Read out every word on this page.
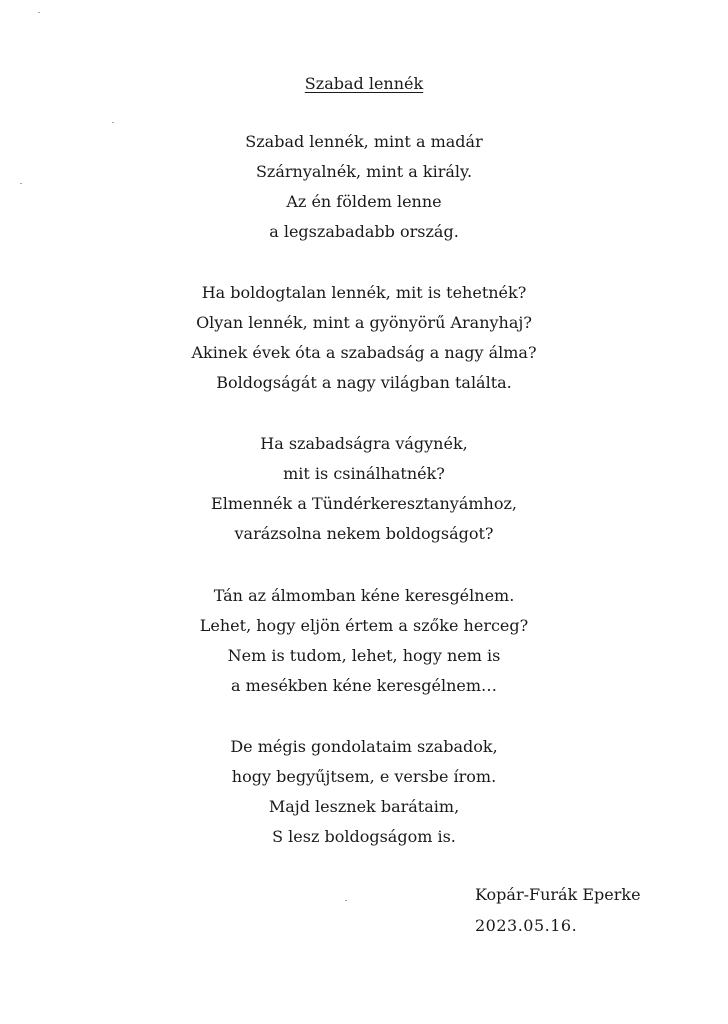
Szabad lennék
Szabad lennék, mint a madár
Szárnyalnék, mint a király.
Az én földem lenne
a legszabadabb ország.
Ha boldogtalan lennék, mit is tehetnék?
Olyan lennék, mint a gyönyörű Aranyhaj?
Akinek évek óta a szabadság a nagy álma?
Boldogságát a nagy világban találta.
Ha szabadságra vágynék,
mit is csinálhatnék?
Elmennék a Tündérkeresztanyámhoz,
varázsolna nekem boldogságot?
Tán az álmomban kéne keresgélnem.
Lehet, hogy eljön értem a szőke herceg?
Nem is tudom, lehet, hogy nem is
a mesékben kéne keresgélnem…
De mégis gondolataim szabadok,
hogy begyűjtsem, e versbe írom.
Majd lesznek barátaim,
S lesz boldogságom is.
Kopár-Furák Eperke
2023.05.16.
